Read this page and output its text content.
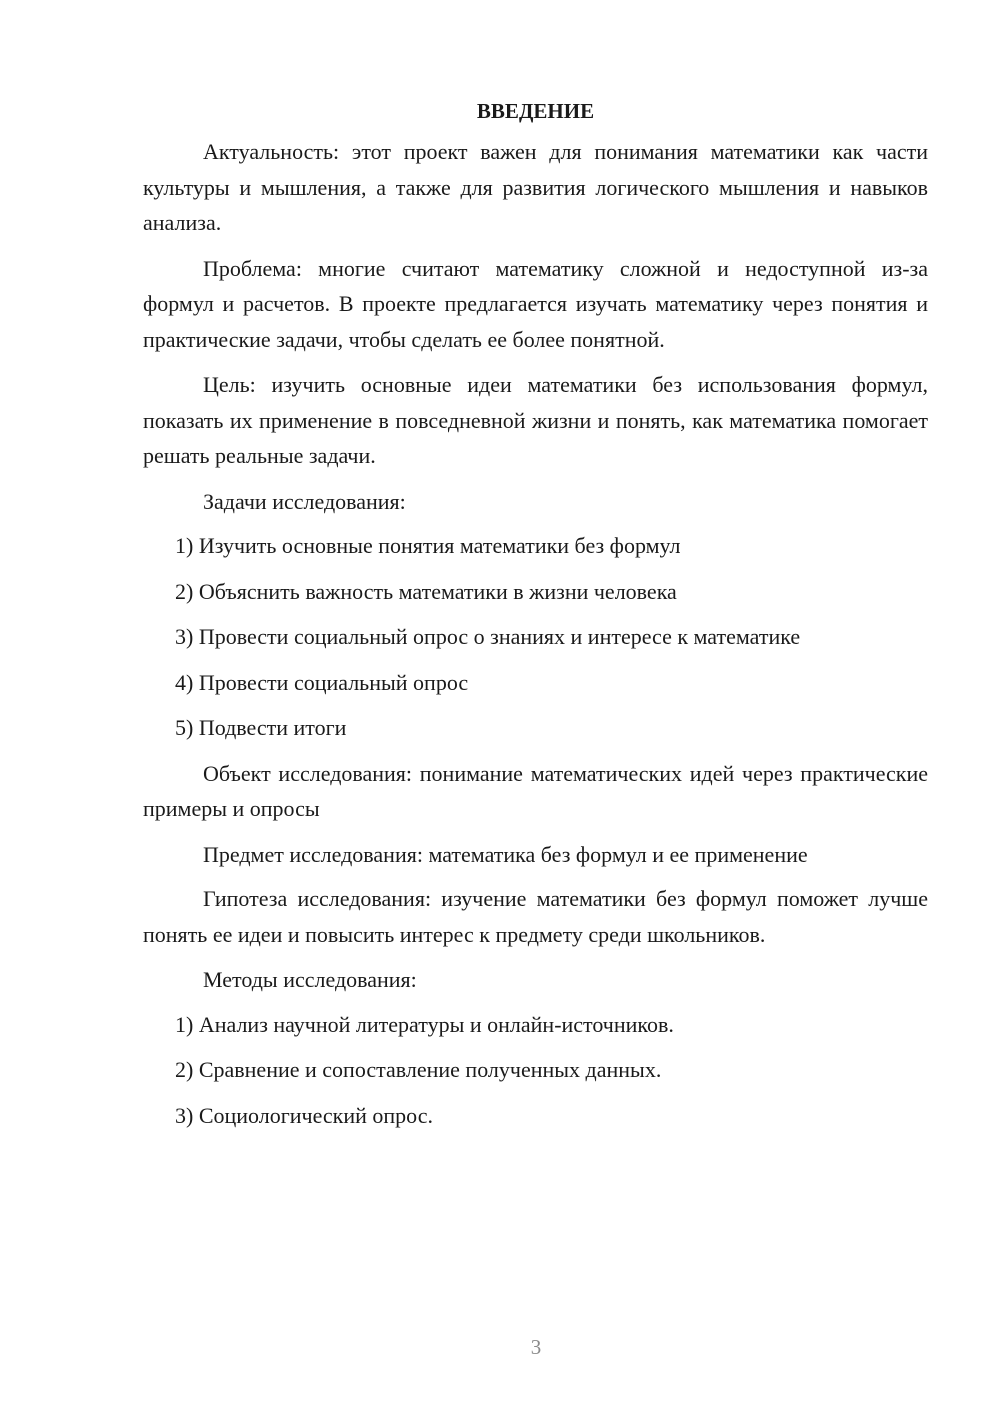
ВВЕДЕНИЕ

Актуальность: этот проект важен для понимания математики как части культуры и мышления, а также для развития логического мышления и навыков анализа.

Проблема: многие считают математику сложной и недоступной из-за формул и расчетов. В проекте предлагается изучать математику через понятия и практические задачи, чтобы сделать ее более понятной.

Цель: изучить основные идеи математики без использования формул, показать их применение в повседневной жизни и понять, как математика помогает решать реальные задачи.

Задачи исследования:

1) Изучить основные понятия математики без формул
2) Объяснить важность математики в жизни человека
3) Провести социальный опрос о знаниях и интересе к математике
4) Провести социальный опрос
5) Подвести итоги

Объект исследования: понимание математических идей через практические примеры и опросы

Предмет исследования: математика без формул и ее применение

Гипотеза исследования: изучение математики без формул поможет лучше понять ее идеи и повысить интерес к предмету среди школьников.

Методы исследования:

1) Анализ научной литературы и онлайн-источников.
2) Сравнение и сопоставление полученных данных.
3) Социологический опрос.
3
